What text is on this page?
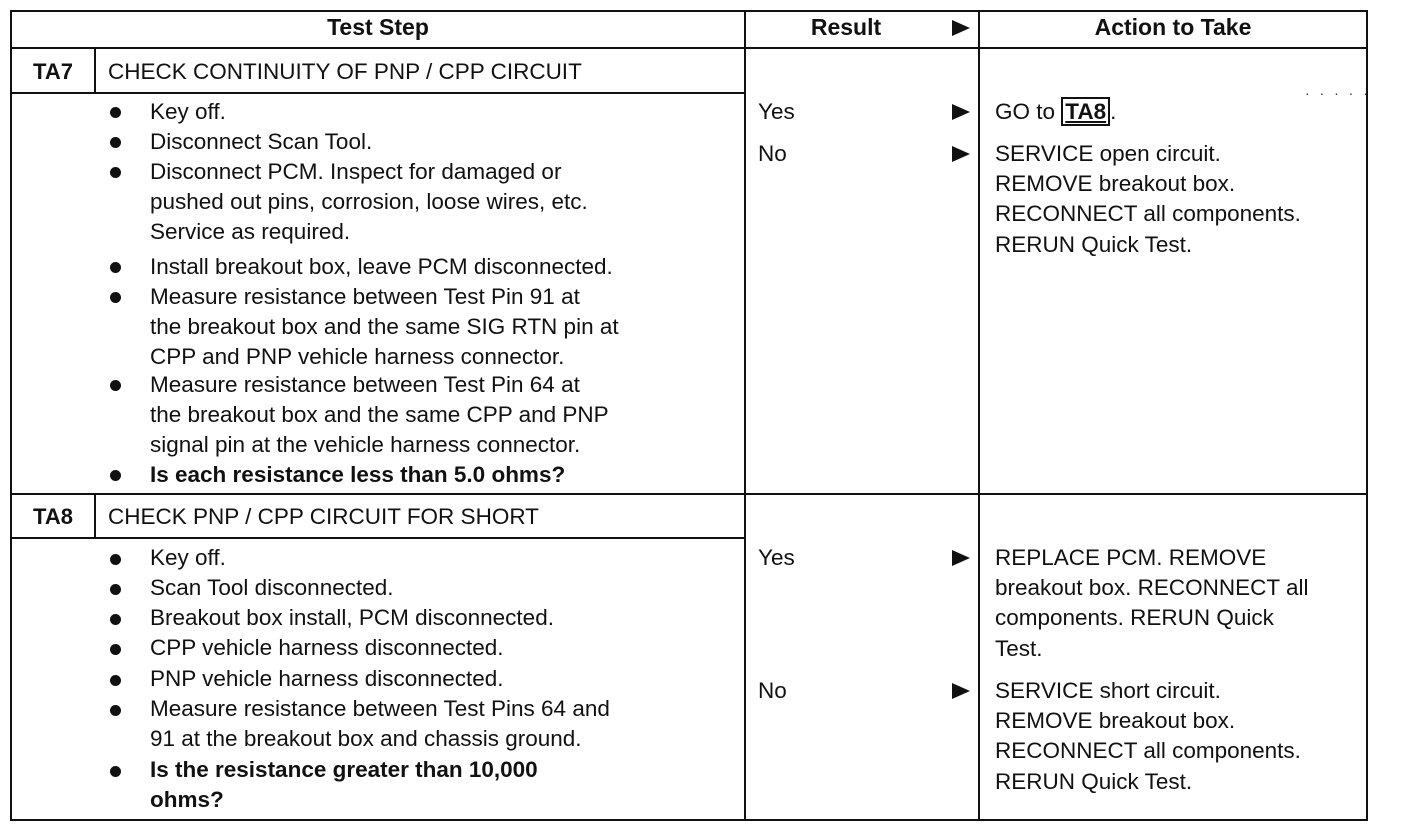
Test Step	Result	Action to Take
TA7	CHECK CONTINUITY OF PNP / CPP CIRCUIT
Key off.
Disconnect Scan Tool.
Disconnect PCM. Inspect for damaged or
pushed out pins, corrosion, loose wires, etc.
Service as required.
Install breakout box, leave PCM disconnected.
Measure resistance between Test Pin 91 at
the breakout box and the same SIG RTN pin at
CPP and PNP vehicle harness connector.
Measure resistance between Test Pin 64 at
the breakout box and the same CPP and PNP
signal pin at the vehicle harness connector.
Is each resistance less than 5.0 ohms?
Yes	GO to TA8 .
· · · · ·
No	SERVICE open circuit.
REMOVE breakout box.
RECONNECT all components.
RERUN Quick Test.
TA8	CHECK PNP / CPP CIRCUIT FOR SHORT
Key off.
Scan Tool disconnected.
Breakout box install, PCM disconnected.
CPP vehicle harness disconnected.
PNP vehicle harness disconnected.
Measure resistance between Test Pins 64 and
91 at the breakout box and chassis ground.
Is the resistance greater than 10,000
ohms?
Yes	REPLACE PCM. REMOVE
breakout box. RECONNECT all
components. RERUN Quick
Test.
No	SERVICE short circuit.
REMOVE breakout box.
RECONNECT all components.
RERUN Quick Test.
